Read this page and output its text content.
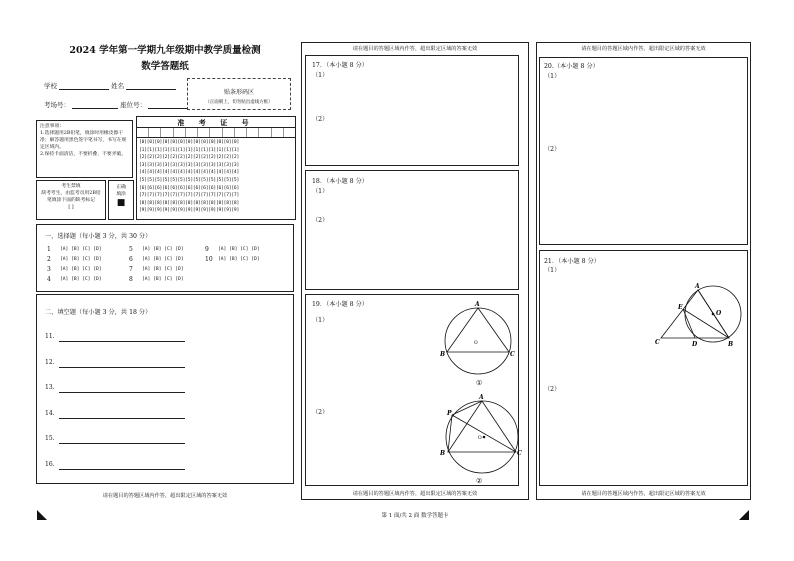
2024 学年第一学期九年级期中教学质量检测
数学答题纸
学校	姓名
考场号：	座位号：
贴条形码区
（正面朝上，切勿贴出虚线方框）
注意事项：
1.选择题用2B铅笔，填涂时用橡皮擦干净；解答题用黑色签字笔书写，书写在规定区域内。
2.保持卡面清洁，不要折叠、不要弄破。
考生禁填
缺考考生，由监考员用2B铅笔填涂下面的缺考标记
[ ]
正确
填涂
■
准 考 证 号
[0][0][0][0][0][0][0][0][0][0][0][0][0]
[1][1][1][1][1][1][1][1][1][1][1][1][1]
[2][2][2][2][2][2][2][2][2][2][2][2][2]
[3][3][3][3][3][3][3][3][3][3][3][3][3]
[4][4][4][4][4][4][4][4][4][4][4][4][4]
[5][5][5][5][5][5][5][5][5][5][5][5][5]
[6][6][6][6][6][6][6][6][6][6][6][6][6]
[7][7][7][7][7][7][7][7][7][7][7][7][7]
[8][8][8][8][8][8][8][8][8][8][8][8][8]
[9][9][9][9][9][9][9][9][9][9][9][9][9]
一、选择题（每小题 3 分，共 30 分）
1 [A] [B] [C] [D]
2 [A] [B] [C] [D]
3 [A] [B] [C] [D]
4 [A] [B] [C] [D]
5 [A] [B] [C] [D]
6 [A] [B] [C] [D]
7 [A] [B] [C] [D]
8 [A] [B] [C] [D]
9 [A] [B] [C] [D]
10 [A] [B] [C] [D]
二、填空题（每小题 3 分，共 18 分）
11.
12.
13.
14.
15.
16.
请在题目的答题区域内作答，超出限定区域的答案无效
请在题目的答题区域内作答，超出限定区域的答案无效
17．（本小题 8 分）
（1）
（2）
18．（本小题 8 分）
（1）
（2）
19．（本小题 8 分）
（1）
（2）
A
B	C
O
①
A
P
B	C
O
②
请在题目的答题区域内作答，超出限定区域的答案无效
请在题目的答题区域内作答，超出限定区域的答案无效
20.（本小题 8 分）
（1）
（2）
21．（本小题 8 分）
（1）
（2）
A
E
O
C	D	B
请在题目的答题区域内作答，超出限定区域的答案无效
第 1 面/共 2 面 数学答题卡
